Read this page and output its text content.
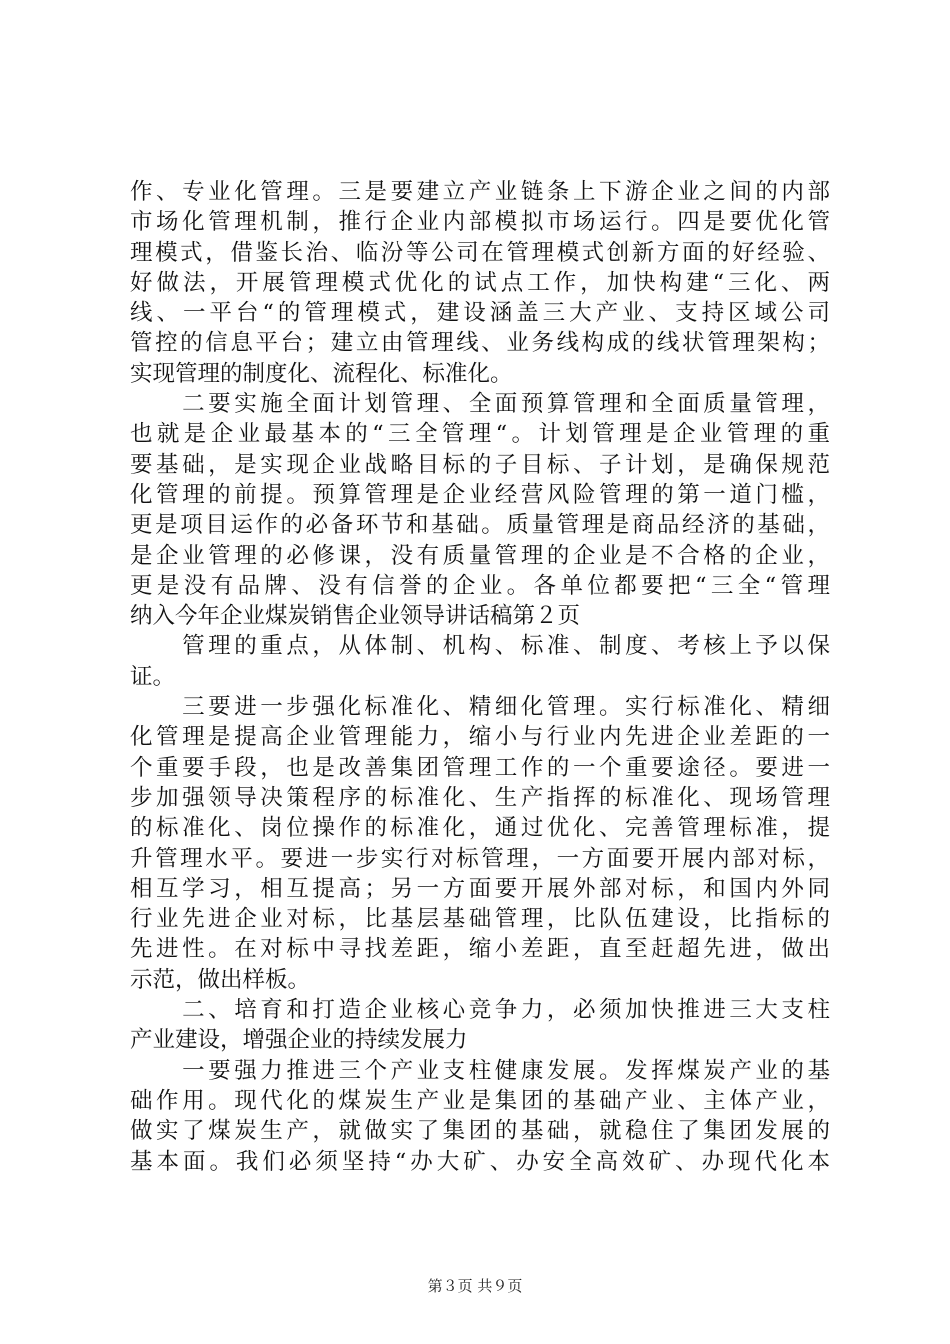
作、专业化管理。三是要建立产业链条上下游企业之间的内部
市场化管理机制，推行企业内部模拟市场运行。四是要优化管
理模式，借鉴长治、临汾等公司在管理模式创新方面的好经验、
好做法，开展管理模式优化的试点工作，加快构建“三化、两
线、一平台“的管理模式，建设涵盖三大产业、支持区域公司
管控的信息平台；建立由管理线、业务线构成的线状管理架构；
实现管理的制度化、流程化、标准化。
　　二要实施全面计划管理、全面预算管理和全面质量管理，
也就是企业最基本的“三全管理“。计划管理是企业管理的重
要基础，是实现企业战略目标的子目标、子计划，是确保规范
化管理的前提。预算管理是企业经营风险管理的第一道门槛，
更是项目运作的必备环节和基础。质量管理是商品经济的基础，
是企业管理的必修课，没有质量管理的企业是不合格的企业，
更是没有品牌、没有信誉的企业。各单位都要把“三全“管理
纳入今年企业煤炭销售企业领导讲话稿第２页
　　管理的重点，从体制、机构、标准、制度、考核上予以保
证。
　　三要进一步强化标准化、精细化管理。实行标准化、精细
化管理是提高企业管理能力，缩小与行业内先进企业差距的一
个重要手段，也是改善集团管理工作的一个重要途径。要进一
步加强领导决策程序的标准化、生产指挥的标准化、现场管理
的标准化、岗位操作的标准化，通过优化、完善管理标准，提
升管理水平。要进一步实行对标管理，一方面要开展内部对标，
相互学习，相互提高；另一方面要开展外部对标，和国内外同
行业先进企业对标，比基层基础管理，比队伍建设，比指标的
先进性。在对标中寻找差距，缩小差距，直至赶超先进，做出
示范，做出样板。
　　二、培育和打造企业核心竞争力，必须加快推进三大支柱
产业建设，增强企业的持续发展力
　　一要强力推进三个产业支柱健康发展。发挥煤炭产业的基
础作用。现代化的煤炭生产业是集团的基础产业、主体产业，
做实了煤炭生产，就做实了集团的基础，就稳住了集团发展的
基本面。我们必须坚持“办大矿、办安全高效矿、办现代化本
第３页 共９页
